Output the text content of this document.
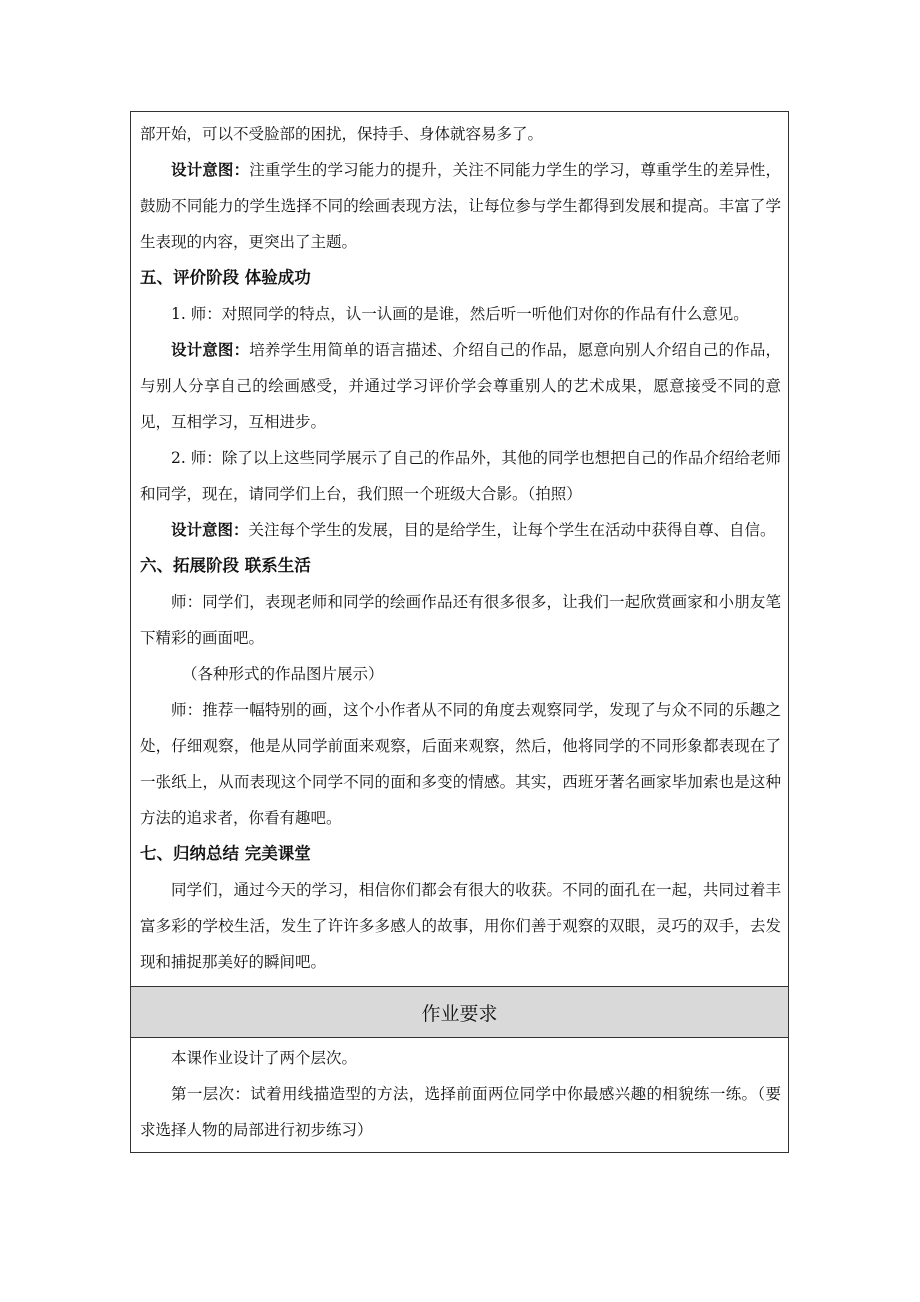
部开始，可以不受脸部的困扰，保持手、身体就容易多了。

设计意图：注重学生的学习能力的提升，关注不同能力学生的学习，尊重学生的差异性，鼓励不同能力的学生选择不同的绘画表现方法，让每位参与学生都得到发展和提高。丰富了学生表现的内容，更突出了主题。

五、评价阶段 体验成功

1. 师：对照同学的特点，认一认画的是谁，然后听一听他们对你的作品有什么意见。

设计意图：培养学生用简单的语言描述、介绍自己的作品，愿意向别人介绍自己的作品，与别人分享自己的绘画感受，并通过学习评价学会尊重别人的艺术成果，愿意接受不同的意见，互相学习，互相进步。

2. 师：除了以上这些同学展示了自己的作品外，其他的同学也想把自己的作品介绍给老师和同学，现在，请同学们上台，我们照一个班级大合影。（拍照）

设计意图：关注每个学生的发展，目的是给学生，让每个学生在活动中获得自尊、自信。

六、拓展阶段 联系生活

师：同学们，表现老师和同学的绘画作品还有很多很多，让我们一起欣赏画家和小朋友笔下精彩的画面吧。

（各种形式的作品图片展示）

师：推荐一幅特别的画，这个小作者从不同的角度去观察同学，发现了与众不同的乐趣之处，仔细观察，他是从同学前面来观察，后面来观察，然后，他将同学的不同形象都表现在了一张纸上，从而表现这个同学不同的面和多变的情感。其实，西班牙著名画家毕加索也是这种方法的追求者，你看有趣吧。

七、归纳总结 完美课堂

同学们，通过今天的学习，相信你们都会有很大的收获。不同的面孔在一起，共同过着丰富多彩的学校生活，发生了许许多多感人的故事，用你们善于观察的双眼，灵巧的双手，去发现和捕捉那美好的瞬间吧。

作业要求

本课作业设计了两个层次。

第一层次：试着用线描造型的方法，选择前面两位同学中你最感兴趣的相貌练一练。（要求选择人物的局部进行初步练习）
